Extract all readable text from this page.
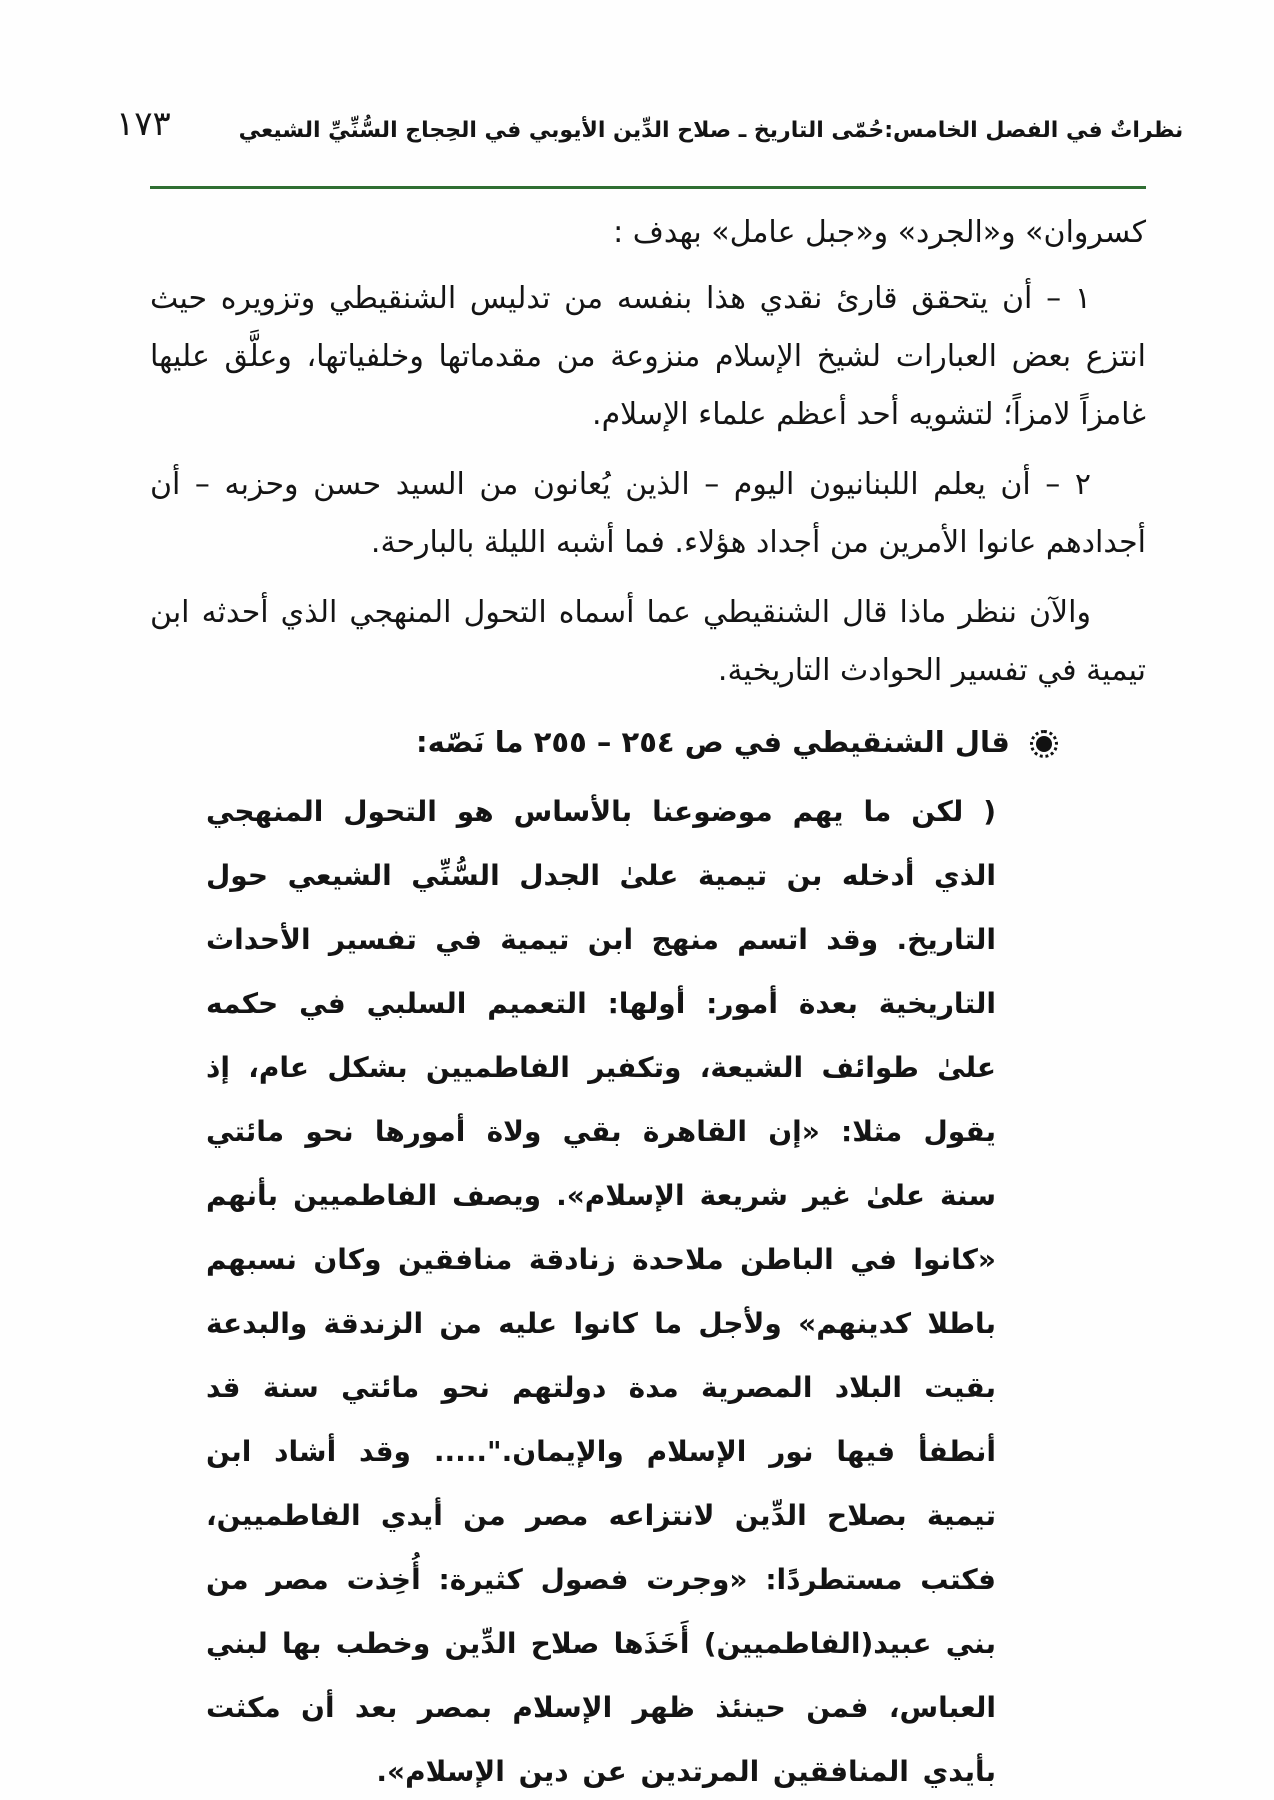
١٧٣	نظراتٌ في الفصل الخامس:حُمّى التاريخ ـ صلاح الدِّين الأيوبي في الحِجاج السُّنِّيِّ الشيعي

كسروان» و«الجرد» و«جبل عامل» بهدف :

١ – أن يتحقق قارئ نقدي هذا بنفسه من تدليس الشنقيطي وتزويره حيث انتزع بعض العبارات لشيخ الإسلام منزوعة من مقدماتها وخلفياتها، وعلَّق عليها غامزاً لامزاً؛ لتشويه أحد أعظم علماء الإسلام.

٢ – أن يعلم اللبنانيون اليوم – الذين يُعانون من السيد حسن وحزبه – أن أجدادهم عانوا الأمرين من أجداد هؤلاء. فما أشبه الليلة بالبارحة.

والآن ننظر ماذا قال الشنقيطي عما أسماه التحول المنهجي الذي أحدثه ابن تيمية في تفسير الحوادث التاريخية.

قال الشنقيطي في ص ٢٥٤ – ٢٥٥ ما نَصّه:

( لكن ما يهم موضوعنا بالأساس هو التحول المنهجي الذي أدخله بن تيمية علىٰ الجدل السُّنِّي الشيعي حول التاريخ. وقد اتسم منهج ابن تيمية في تفسير الأحداث التاريخية بعدة أمور: أولها: التعميم السلبي في حكمه علىٰ طوائف الشيعة، وتكفير الفاطميين بشكل عام، إذ يقول مثلا: «إن القاهرة بقي ولاة أمورها نحو مائتي سنة علىٰ غير شريعة الإسلام». ويصف الفاطميين بأنهم «كانوا في الباطن ملاحدة زنادقة منافقين وكان نسبهم باطلا كدينهم» ولأجل ما كانوا عليه من الزندقة والبدعة بقيت البلاد المصرية مدة دولتهم نحو مائتي سنة قد أنطفأ فيها نور الإسلام والإيمان."..... وقد أشاد ابن تيمية بصلاح الدِّين لانتزاعه مصر من أيدي الفاطميين، فكتب مستطردًا: «وجرت فصول كثيرة: أُخِذت مصر من بني عبيد(الفاطميين) أَخَذَها صلاح الدِّين وخطب بها لبني العباس، فمن حينئذ ظهر الإسلام بمصر بعد أن مكثت بأيدي المنافقين المرتدين عن دين الإسلام».
